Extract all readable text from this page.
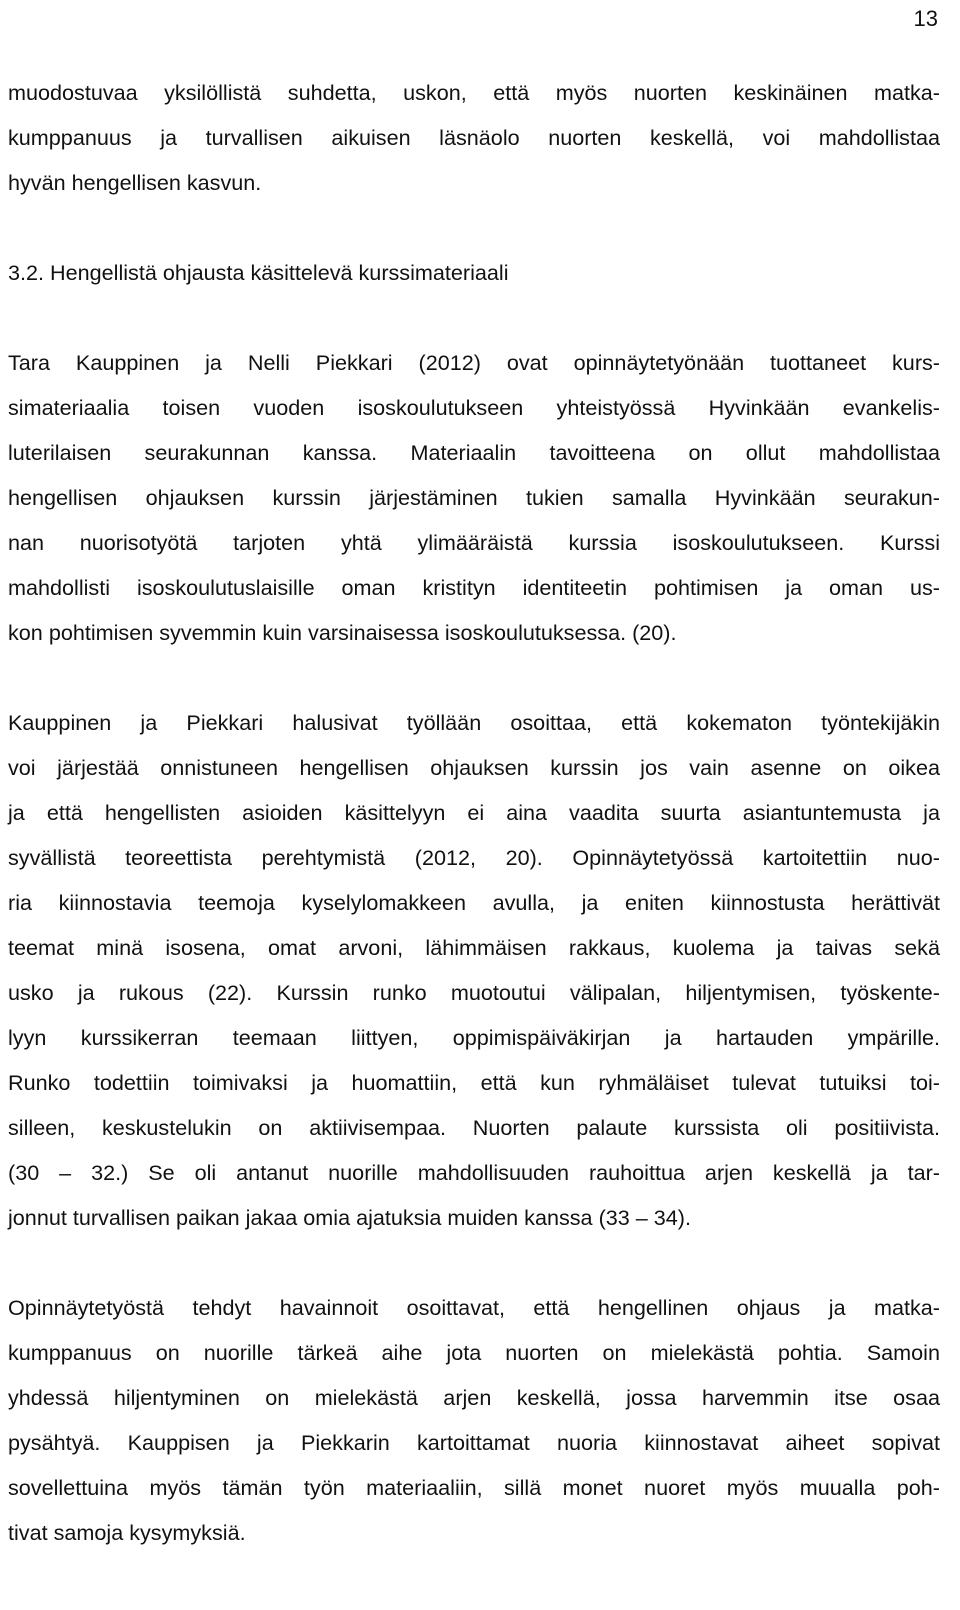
13
muodostuvaa yksilöllistä suhdetta, uskon, että myös nuorten keskinäinen matka-
kumppanuus ja turvallisen aikuisen läsnäolo nuorten keskellä, voi mahdollistaa
hyvän hengellisen kasvun.
3.2. Hengellistä ohjausta käsittelevä kurssimateriaali
Tara Kauppinen ja Nelli Piekkari (2012) ovat opinnäytetyönään tuottaneet kurs-
simateriaalia toisen vuoden isoskoulutukseen yhteistyössä Hyvinkään evankelis-
luterilaisen seurakunnan kanssa. Materiaalin tavoitteena on ollut mahdollistaa
hengellisen ohjauksen kurssin järjestäminen tukien samalla Hyvinkään seurakun-
nan nuorisotyötä tarjoten yhtä ylimääräistä kurssia isoskoulutukseen. Kurssi
mahdollisti isoskoulutuslaisille oman kristityn identiteetin pohtimisen ja oman us-
kon pohtimisen syvemmin kuin varsinaisessa isoskoulutuksessa. (20).
Kauppinen ja Piekkari halusivat työllään osoittaa, että kokematon työntekijäkin
voi järjestää onnistuneen hengellisen ohjauksen kurssin jos vain asenne on oikea
ja että hengellisten asioiden käsittelyyn ei aina vaadita suurta asiantuntemusta ja
syvällistä teoreettista perehtymistä (2012, 20). Opinnäytetyössä kartoitettiin nuo-
ria kiinnostavia teemoja kyselylomakkeen avulla, ja eniten kiinnostusta herättivät
teemat minä isosena, omat arvoni, lähimmäisen rakkaus, kuolema ja taivas sekä
usko ja rukous (22). Kurssin runko muotoutui välipalan, hiljentymisen, työskente-
lyyn kurssikerran teemaan liittyen, oppimispäiväkirjan ja hartauden ympärille.
Runko todettiin toimivaksi ja huomattiin, että kun ryhmäläiset tulevat tutuiksi toi-
silleen, keskustelukin on aktiivisempaa. Nuorten palaute kurssista oli positiivista.
(30 – 32.) Se oli antanut nuorille mahdollisuuden rauhoittua arjen keskellä ja tar-
jonnut turvallisen paikan jakaa omia ajatuksia muiden kanssa (33 – 34).
Opinnäytetyöstä tehdyt havainnoit osoittavat, että hengellinen ohjaus ja matka-
kumppanuus on nuorille tärkeä aihe jota nuorten on mielekästä pohtia. Samoin
yhdessä hiljentyminen on mielekästä arjen keskellä, jossa harvemmin itse osaa
pysähtyä. Kauppisen ja Piekkarin kartoittamat nuoria kiinnostavat aiheet sopivat
sovellettuina myös tämän työn materiaaliin, sillä monet nuoret myös muualla poh-
tivat samoja kysymyksiä.
